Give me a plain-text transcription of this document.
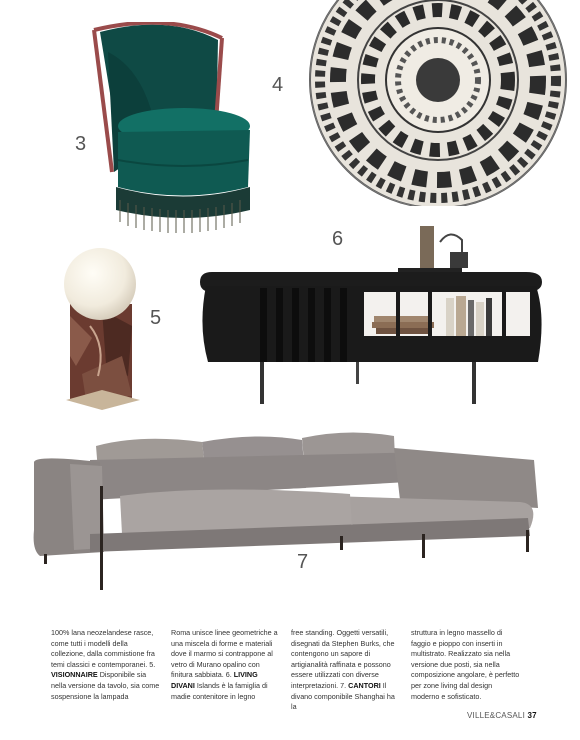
3
4
6
5
7
100% lana neozelandese rasce, come tutti i modelli della collezione, dalla commistione fra temi classici e contemporanei. 5. VISIONNAIRE Disponibile sia nella versione da tavolo, sia come sospensione la lampada
Roma unisce linee geometriche a una miscela di forme e materiali dove il marmo si contrappone al vetro di Murano opalino con finitura sabbiata. 6. LIVING DIVANI Islands è la famiglia di madie contenitore in legno
free standing. Oggetti versatili, disegnati da Stephen Burks, che contengono un sapore di artigianalità raffinata e possono essere utilizzati con diverse interpretazioni. 7. CANTORI Il divano componibile Shanghai ha la
struttura in legno massello di faggio e pioppo con inserti in multistrato. Realizzato sia nella versione due posti, sia nella composizione angolare, è perfetto per zone living dal design moderno e sofisticato.
VILLE&CASALI 37
